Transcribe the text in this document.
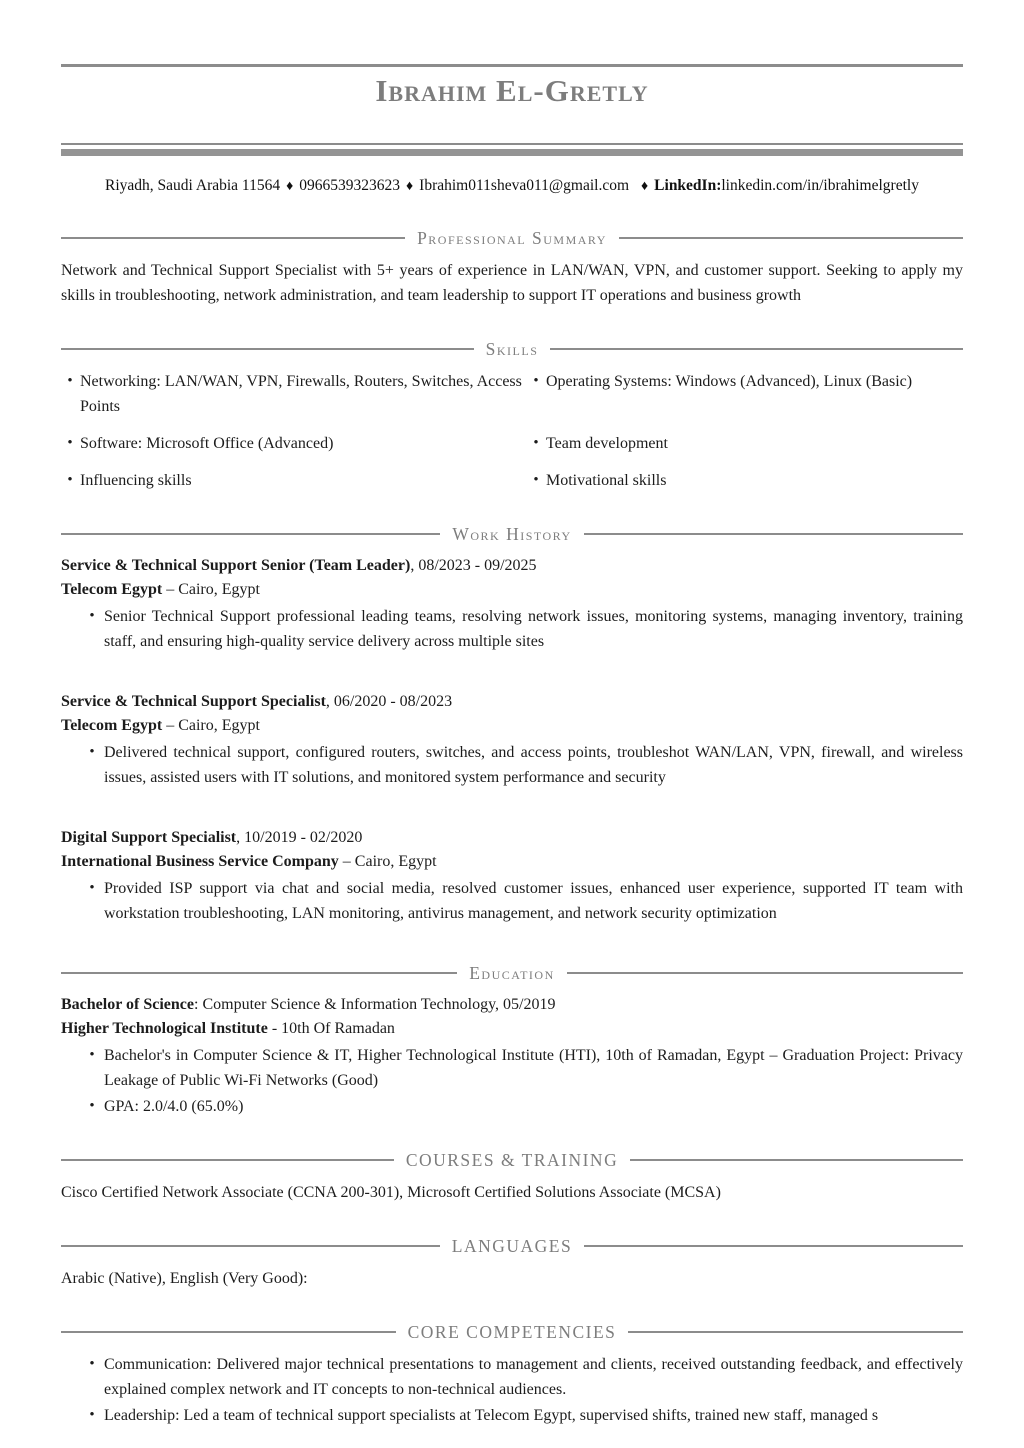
Ibrahim El-Gretly
Riyadh, Saudi Arabia 11564 ♦ 0966539323623 ♦ Ibrahim011sheva011@gmail.com ♦ LinkedIn:linkedin.com/in/ibrahimelgretly
Professional Summary

Network and Technical Support Specialist with 5+ years of experience in LAN/WAN, VPN, and customer support. Seeking to apply my skills in troubleshooting, network administration, and team leadership to support IT operations and business growth

Skills
• Networking: LAN/WAN, VPN, Firewalls, Routers, Switches, Access Points
• Operating Systems: Windows (Advanced), Linux (Basic)
• Software: Microsoft Office (Advanced)	• Team development
• Influencing skills	• Motivational skills
Work History

Service & Technical Support Senior (Team Leader), 08/2023 - 09/2025

Telecom Egypt – Cairo, Egypt

• Senior Technical Support professional leading teams, resolving network issues, monitoring systems, managing inventory, training staff, and ensuring high-quality service delivery across multiple sites

Service & Technical Support Specialist, 06/2020 - 08/2023

Telecom Egypt – Cairo, Egypt

• Delivered technical support, configured routers, switches, and access points, troubleshot WAN/LAN, VPN, firewall, and wireless issues, assisted users with IT solutions, and monitored system performance and security

Digital Support Specialist, 10/2019 - 02/2020

International Business Service Company – Cairo, Egypt

• Provided ISP support via chat and social media, resolved customer issues, enhanced user experience, supported IT team with workstation troubleshooting, LAN monitoring, antivirus management, and network security optimization
Education

Bachelor of Science: Computer Science & Information Technology, 05/2019

Higher Technological Institute - 10th Of Ramadan

• Bachelor's in Computer Science & IT, Higher Technological Institute (HTI), 10th of Ramadan, Egypt – Graduation Project: Privacy Leakage of Public Wi-Fi Networks (Good)
• GPA: 2.0/4.0 (65.0%)
COURSES & TRAINING

Cisco Certified Network Associate (CCNA 200-301), Microsoft Certified Solutions Associate (MCSA)

LANGUAGES

Arabic (Native), English (Very Good):

CORE COMPETENCIES
• Communication: Delivered major technical presentations to management and clients, received outstanding feedback, and effectively explained complex network and IT concepts to non-technical audiences.
• Leadership: Led a team of technical support specialists at Telecom Egypt, supervised shifts, trained new staff, managed s
